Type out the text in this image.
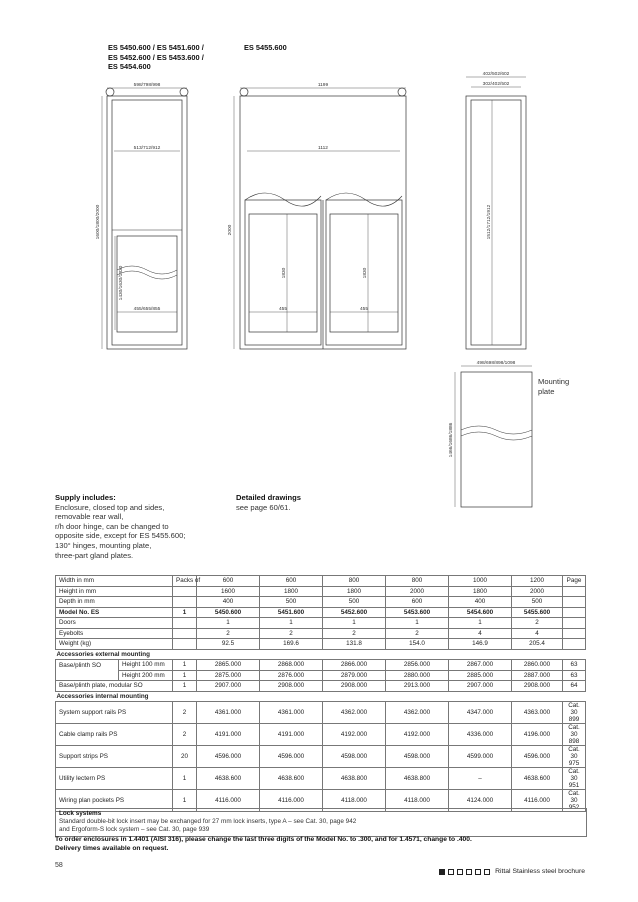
ES 5450.600 / ES 5451.600 /
ES 5452.600 / ES 5453.600 /
ES 5454.600
ES 5455.600
598/798/998
513/712/912
1600/1800/2000
1430/1630/1830
455/655/855
1199
1112
2000
1830	1830
455	455
402/502/602
302/402/502
1512/1712/1912
498/698/898/1098
1466/1686/1886
Mounting
plate
Supply includes:
Enclosure, closed top and sides,
removable rear wall,
r/h door hinge, can be changed to
opposite side, except for ES 5455.600;
130° hinges, mounting plate,
three-part gland plates.
Detailed drawings
see page 60/61.
Width in mm		Packs of	600	600	800	800	1000	1200	Page
Height in mm			1600	1800	1800	2000	1800	2000	
Depth in mm			400	500	500	600	400	500	
Model No. ES		1	5450.600	5451.600	5452.600	5453.600	5454.600	5455.600	
Doors			1	1	1	1	1	2	
Eyebolts			2	2	2	2	4	4	
Weight (kg)			92.5	169.6	131.8	154.0	146.9	205.4	
Accessories external mounting									
Base/plinth SO	Height 100 mm	1	2865.000	2868.000	2866.000	2856.000	2867.000	2860.000	63
	Height 200 mm	1	2875.000	2876.000	2879.000	2880.000	2885.000	2887.000	63
Base/plinth plate, modular SO		1	2907.000	2908.000	2908.000	2913.000	2907.000	2908.000	64
Accessories internal mounting									
System support rails PS		2	4361.000	4361.000	4362.000	4362.000	4347.000	4363.000	Cat. 30 899
Cable clamp rails PS		2	4191.000	4191.000	4192.000	4192.000	4336.000	4196.000	Cat. 30 898
Support strips PS		20	4596.000	4596.000	4598.000	4598.000	4599.000	4596.000	Cat. 30 975
Utility lectern PS		1	4638.600	4638.600	4638.800	4638.800	–	4638.600	Cat. 30 951
Wiring plan pockets PS		1	4116.000	4116.000	4118.000	4118.000	4124.000	4116.000	Cat. 30 952
Lock systems
Standard double-bit lock insert may be exchanged for 27 mm lock inserts, type A – see Cat. 30, page 942
and Ergoform-S lock system – see Cat. 30, page 939
To order enclosures in 1.4401 (AISI 316), please change the last three digits of the Model No. to .300, and for 1.4571, change to .400.
Delivery times available on request.
58
Rittal Stainless steel brochure
